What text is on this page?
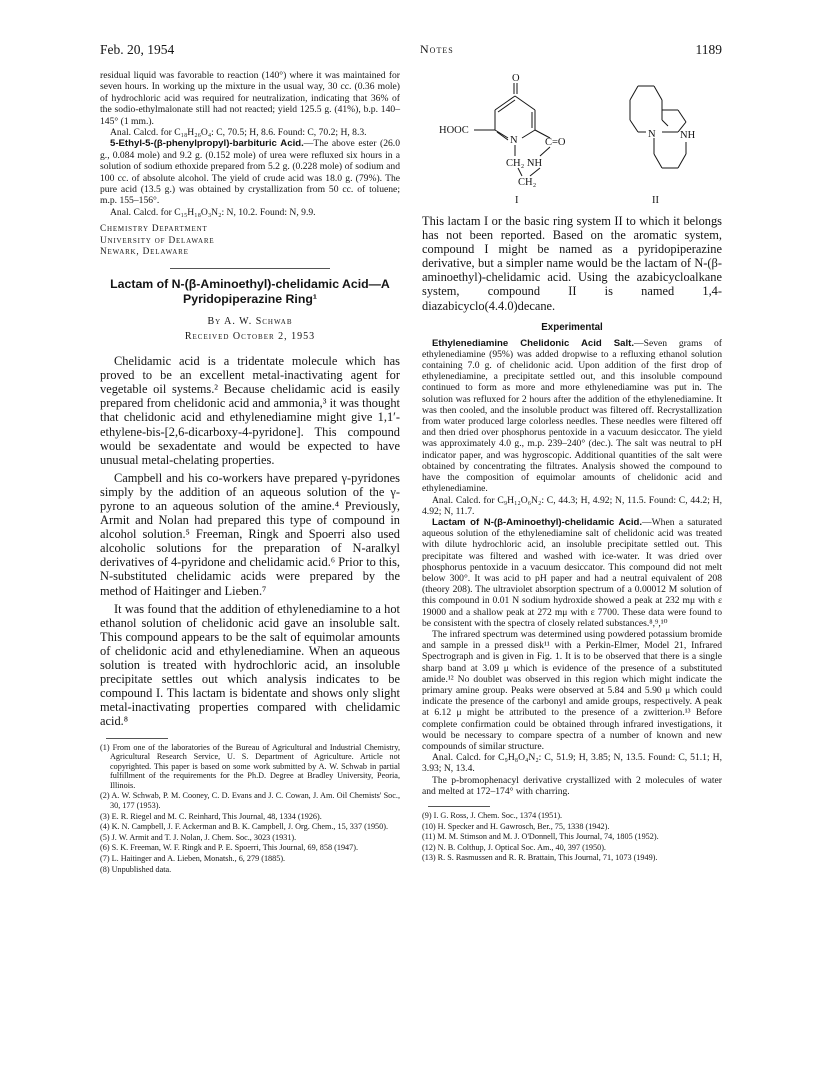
Feb. 20, 1954	Notes	1189

residual liquid was favorable to reaction (140°) where it was maintained for seven hours. In working up the mixture in the usual way, 30 cc. (0.36 mole) of hydrochloric acid was required for neutralization, indicating that 36% of the sodio-ethylmalonate still had not reacted; yield 125.5 g. (41%), b.p. 140–145° (1 mm.).

Anal. Calcd. for C₁₈H₂₆O₄: C, 70.5; H, 8.6. Found: C, 70.2; H, 8.3.

5-Ethyl-5-(β-phenylpropyl)-barbituric Acid.—The above ester (26.0 g., 0.084 mole) and 9.2 g. (0.152 mole) of urea were refluxed six hours in a solution of sodium ethoxide prepared from 5.2 g. (0.228 mole) of sodium and 100 cc. of absolute alcohol. The yield of crude acid was 18.0 g. (79%). The pure acid (13.5 g.) was obtained by crystallization from 50 cc. of toluene; m.p. 155–156°.

Anal. Calcd. for C₁₅H₁₈O₃N₂: N, 10.2. Found: N, 9.9.

Chemistry Department
University of Delaware
Newark, Delaware
Lactam of N-(β-Aminoethyl)-chelidamic Acid—A Pyridopiperazine Ring¹
By A. W. Schwab
Received October 2, 1953

Chelidamic acid is a tridentate molecule which has proved to be an excellent metal-inactivating agent for vegetable oil systems.² Because chelidamic acid is easily prepared from chelidonic acid and ammonia,³ it was thought that chelidonic acid and ethylenediamine might give 1,1′-ethylene-bis-[2,6-dicarboxy-4-pyridone]. This compound would be sexadentate and would be expected to have unusual metal-chelating properties.

Campbell and his co-workers have prepared γ-pyridones simply by the addition of an aqueous solution of the γ-pyrone to an aqueous solution of the amine.⁴ Previously, Armit and Nolan had prepared this type of compound in alcohol solution.⁵ Freeman, Ringk and Spoerri also used alcoholic solutions for the preparation of N-aralkyl derivatives of 4-pyridone and chelidamic acid.⁶ Prior to this, N-substituted chelidamic acids were prepared by the method of Haitinger and Lieben.⁷

It was found that the addition of ethylenediamine to a hot ethanol solution of chelidonic acid gave an insoluble salt. This compound appears to be the salt of equimolar amounts of chelidonic acid and ethylenediamine. When an aqueous solution is treated with hydrochloric acid, an insoluble precipitate settles out which analysis indicates to be compound I. This lactam is bidentate and shows only slight metal-inactivating properties compared with chelidamic acid.⁸

(1) From one of the laboratories of the Bureau of Agricultural and Industrial Chemistry, Agricultural Research Service, U. S. Department of Agriculture. Article not copyrighted. This paper is based on some work submitted by A. W. Schwab in partial fulfillment of the requirements for the Ph.D. Degree at Bradley University, Peoria, Illinois.
(2) A. W. Schwab, P. M. Cooney, C. D. Evans and J. C. Cowan, J. Am. Oil Chemists' Soc., 30, 177 (1953).
(3) E. R. Riegel and M. C. Reinhard, This Journal, 48, 1334 (1926).
(4) K. N. Campbell, J. F. Ackerman and B. K. Campbell, J. Org. Chem., 15, 337 (1950).
(5) J. W. Armit and T. J. Nolan, J. Chem. Soc., 3023 (1931).
(6) S. K. Freeman, W. F. Ringk and P. E. Spoerri, This Journal, 69, 858 (1947).
(7) L. Haitinger and A. Lieben, Monatsh., 6, 279 (1885).
(8) Unpublished data.
O
HOOC
N	C=O
CH₂ NH
CH₂
I
N NH
II

This lactam I or the basic ring system II to which it belongs has not been reported. Based on the aromatic system, compound I might be named as a pyridopiperazine derivative, but a simpler name would be the lactam of N-(β-aminoethyl)-chelidamic acid. Using the azabicycloalkane system, compound II is named 1,4-diazabicyclo(4.4.0)decane.

Experimental

Ethylenediamine Chelidonic Acid Salt.—Seven grams of ethylenediamine (95%) was added dropwise to a refluxing ethanol solution containing 7.0 g. of chelidonic acid. Upon addition of the first drop of ethylenediamine, a precipitate settled out, and this insoluble compound continued to form as more and more ethylenediamine was put in. The solution was refluxed for 2 hours after the addition of the ethylenediamine. It was then cooled, and the insoluble product was filtered off. Recrystallization from water produced large colorless needles. These needles were filtered off and then dried over phosphorus pentoxide in a vacuum desiccator. The yield was approximately 4.0 g., m.p. 239–240° (dec.). The salt was neutral to pH indicator paper, and was hygroscopic. Additional quantities of the salt were obtained by concentrating the filtrates. Analysis showed the compound to have the composition of equimolar amounts of chelidonic acid and ethylenediamine.

Anal. Calcd. for C₉H₁₂O₆N₂: C, 44.3; H, 4.92; N, 11.5. Found: C, 44.2; H, 4.92; N, 11.7.

Lactam of N-(β-Aminoethyl)-chelidamic Acid.—When a saturated aqueous solution of the ethylenediamine salt of chelidonic acid was treated with dilute hydrochloric acid, an insoluble precipitate settled out. This precipitate was filtered and washed with ice-water. It was dried over phosphorus pentoxide in a vacuum desiccator. This compound did not melt below 300°. It was acid to pH paper and had a neutral equivalent of 208 (theory 208). The ultraviolet absorption spectrum of a 0.00012 M solution of this compound in 0.01 N sodium hydroxide showed a peak at 232 mμ with ε 19000 and a shallow peak at 272 mμ with ε 7700. These data were found to be consistent with the spectra of closely related substances.⁸,⁹,¹⁰

The infrared spectrum was determined using powdered potassium bromide and sample in a pressed disk¹¹ with a Perkin-Elmer, Model 21, Infrared Spectrograph and is given in Fig. 1. It is to be observed that there is a single sharp band at 3.09 μ which is evidence of the presence of a substituted amide.¹² No doublet was observed in this region which might indicate the primary amine group. Peaks were observed at 5.84 and 5.90 μ which could indicate the presence of the carbonyl and amide groups, respectively. A peak at 6.12 μ might be attributed to the presence of a zwitterion.¹³ Before complete confirmation could be obtained through infrared investigations, it would be necessary to compare spectra of a number of known and new compounds of similar structure.

Anal. Calcd. for C₉H₈O₄N₂: C, 51.9; H, 3.85; N, 13.5. Found: C, 51.1; H, 3.93; N, 13.4.

The p-bromophenacyl derivative crystallized with 2 molecules of water and melted at 172–174° with charring.

(9) I. G. Ross, J. Chem. Soc., 1374 (1951).
(10) H. Specker and H. Gawrosch, Ber., 75, 1338 (1942).
(11) M. M. Stimson and M. J. O'Donnell, This Journal, 74, 1805 (1952).
(12) N. B. Colthup, J. Optical Soc. Am., 40, 397 (1950).
(13) R. S. Rasmussen and R. R. Brattain, This Journal, 71, 1073 (1949).
